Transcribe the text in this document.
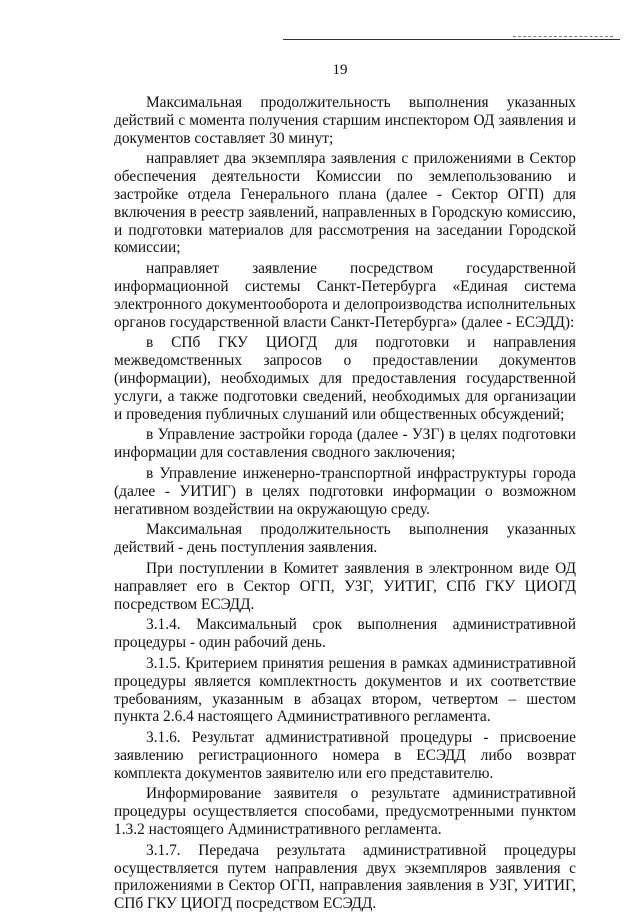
19

Максимальная продолжительность выполнения указанных действий с момента получения старшим инспектором ОД заявления и документов составляет 30 минут;

направляет два экземпляра заявления с приложениями в Сектор обеспечения деятельности Комиссии по землепользованию и застройке отдела Генерального плана (далее - Сектор ОГП) для включения в реестр заявлений, направленных в Городскую комиссию, и подготовки материалов для рассмотрения на заседании Городской комиссии;

направляет заявление посредством государственной информационной системы Санкт-Петербурга «Единая система электронного документооборота и делопроизводства исполнительных органов государственной власти Санкт-Петербурга» (далее - ЕСЭДД):

в СПб ГКУ ЦИОГД для подготовки и направления межведомственных запросов о предоставлении документов (информации), необходимых для предоставления государственной услуги, а также подготовки сведений, необходимых для организации и проведения публичных слушаний или общественных обсуждений;

в Управление застройки города (далее - УЗГ) в целях подготовки информации для составления сводного заключения;

в Управление инженерно-транспортной инфраструктуры города (далее - УИТИГ) в целях подготовки информации о возможном негативном воздействии на окружающую среду.

Максимальная продолжительность выполнения указанных действий - день поступления заявления.

При поступлении в Комитет заявления в электронном виде ОД направляет его в Сектор ОГП, УЗГ, УИТИГ, СПб ГКУ ЦИОГД посредством ЕСЭДД.

3.1.4. Максимальный срок выполнения административной процедуры - один рабочий день.

3.1.5. Критерием принятия решения в рамках административной процедуры является комплектность документов и их соответствие требованиям, указанным в абзацах втором, четвертом – шестом пункта 2.6.4 настоящего Административного регламента.

3.1.6. Результат административной процедуры - присвоение заявлению регистрационного номера в ЕСЭДД либо возврат комплекта документов заявителю или его представителю.

Информирование заявителя о результате административной процедуры осуществляется способами, предусмотренными пунктом 1.3.2 настоящего Административного регламента.

3.1.7. Передача результата административной процедуры осуществляется путем направления двух экземпляров заявления с приложениями в Сектор ОГП, направления заявления в УЗГ, УИТИГ, СПб ГКУ ЦИОГД посредством ЕСЭДД.
